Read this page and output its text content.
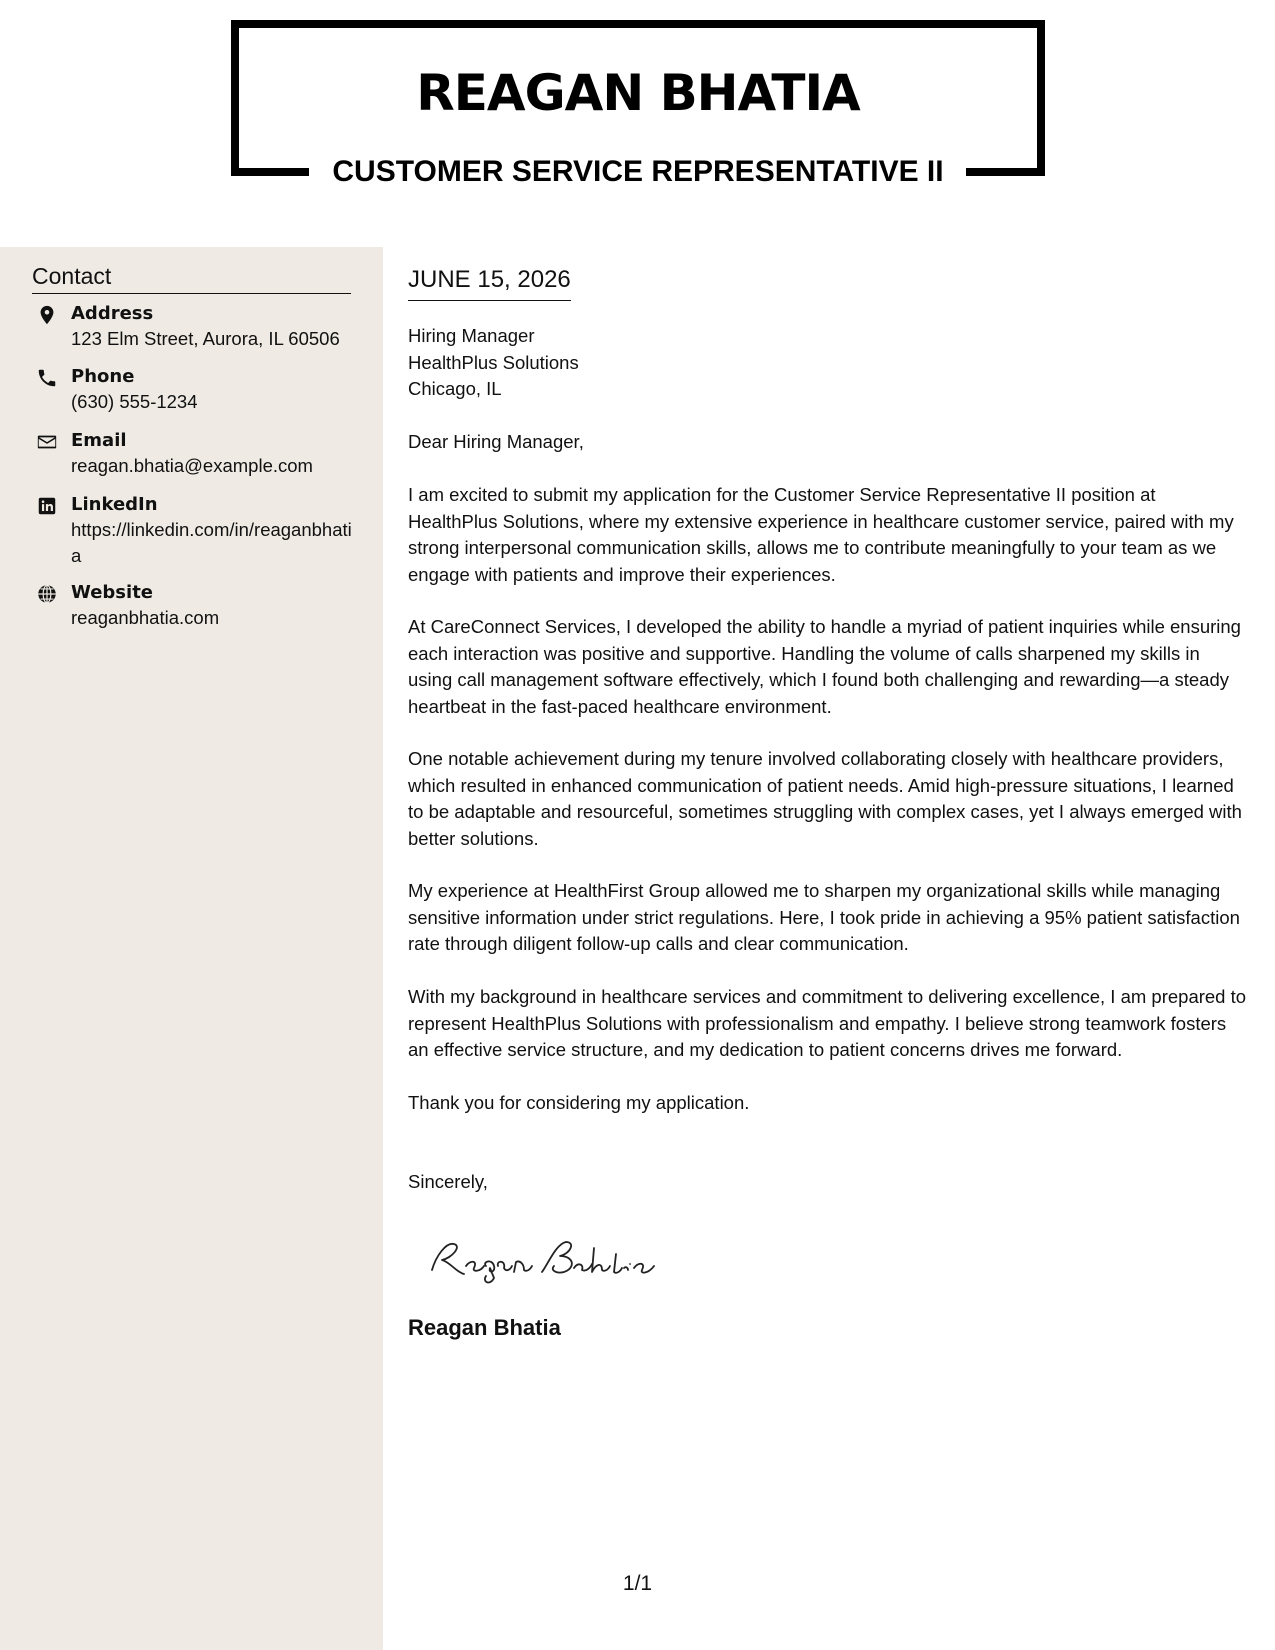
REAGAN BHATIA
CUSTOMER SERVICE REPRESENTATIVE II
Contact
Address
123 Elm Street, Aurora, IL 60506
Phone
(630) 555-1234
Email
reagan.bhatia@example.com
LinkedIn
https://linkedin.com/in/reaganbhatia
Website
reaganbhatia.com
JUNE 15, 2026
Hiring Manager
HealthPlus Solutions
Chicago, IL
Dear Hiring Manager,
I am excited to submit my application for the Customer Service Representative II position at HealthPlus Solutions, where my extensive experience in healthcare customer service, paired with my strong interpersonal communication skills, allows me to contribute meaningfully to your team as we engage with patients and improve their experiences.
At CareConnect Services, I developed the ability to handle a myriad of patient inquiries while ensuring each interaction was positive and supportive. Handling the volume of calls sharpened my skills in using call management software effectively, which I found both challenging and rewarding—a steady heartbeat in the fast-paced healthcare environment.
One notable achievement during my tenure involved collaborating closely with healthcare providers, which resulted in enhanced communication of patient needs. Amid high-pressure situations, I learned to be adaptable and resourceful, sometimes struggling with complex cases, yet I always emerged with better solutions.
My experience at HealthFirst Group allowed me to sharpen my organizational skills while managing sensitive information under strict regulations. Here, I took pride in achieving a 95% patient satisfaction rate through diligent follow-up calls and clear communication.
With my background in healthcare services and commitment to delivering excellence, I am prepared to represent HealthPlus Solutions with professionalism and empathy. I believe strong teamwork fosters an effective service structure, and my dedication to patient concerns drives me forward.
Thank you for considering my application.
Sincerely,
Reagan Bhatia
1/1
